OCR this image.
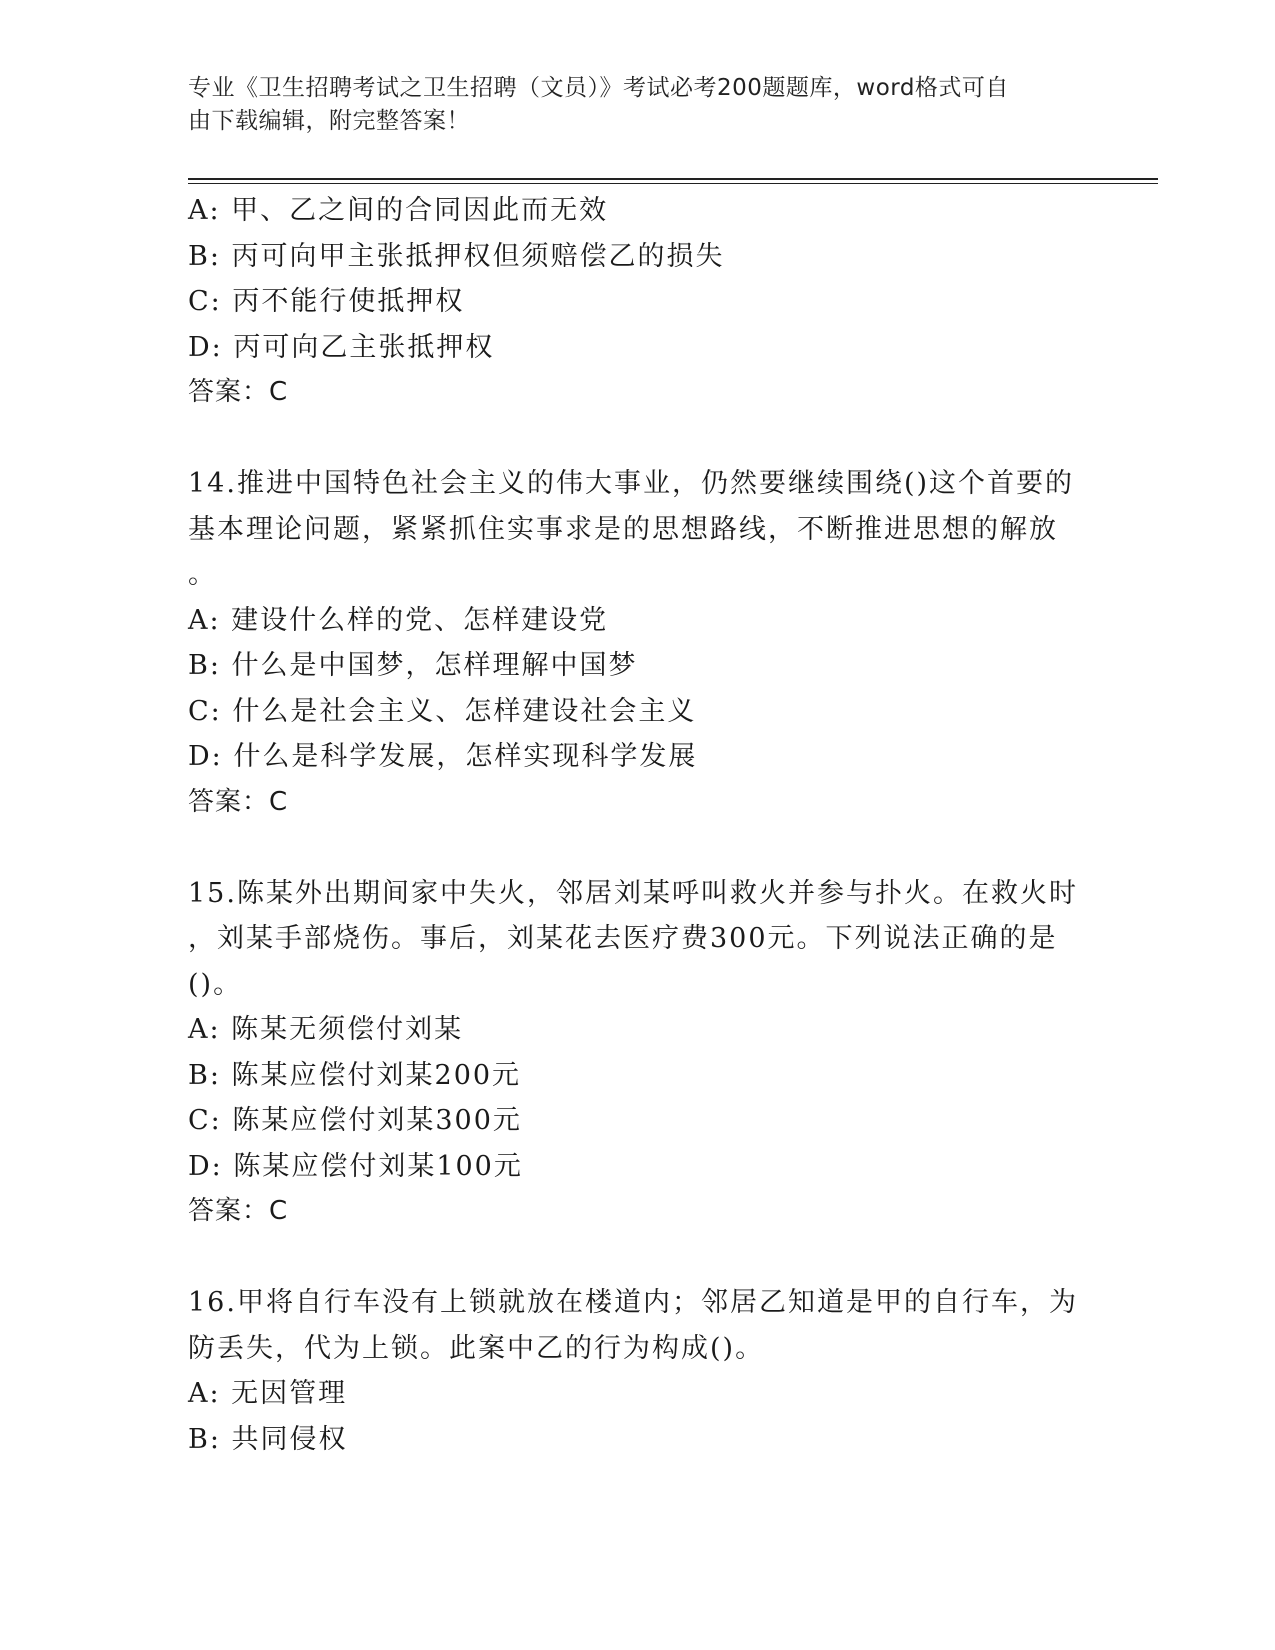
专业《卫生招聘考试之卫生招聘（文员）》考试必考200题题库，word格式可自
由下载编辑，附完整答案！
A: 甲、乙之间的合同因此而无效
B: 丙可向甲主张抵押权但须赔偿乙的损失
C: 丙不能行使抵押权
D: 丙可向乙主张抵押权
答案：C
14.推进中国特色社会主义的伟大事业，仍然要继续围绕()这个首要的
基本理论问题，紧紧抓住实事求是的思想路线，不断推进思想的解放
。
A: 建设什么样的党、怎样建设党
B: 什么是中国梦，怎样理解中国梦
C: 什么是社会主义、怎样建设社会主义
D: 什么是科学发展，怎样实现科学发展
答案：C
15.陈某外出期间家中失火，邻居刘某呼叫救火并参与扑火。在救火时
，刘某手部烧伤。事后，刘某花去医疗费300元。下列说法正确的是
()。
A: 陈某无须偿付刘某
B: 陈某应偿付刘某200元
C: 陈某应偿付刘某300元
D: 陈某应偿付刘某100元
答案：C
16.甲将自行车没有上锁就放在楼道内；邻居乙知道是甲的自行车，为
防丢失，代为上锁。此案中乙的行为构成()。
A: 无因管理
B: 共同侵权
